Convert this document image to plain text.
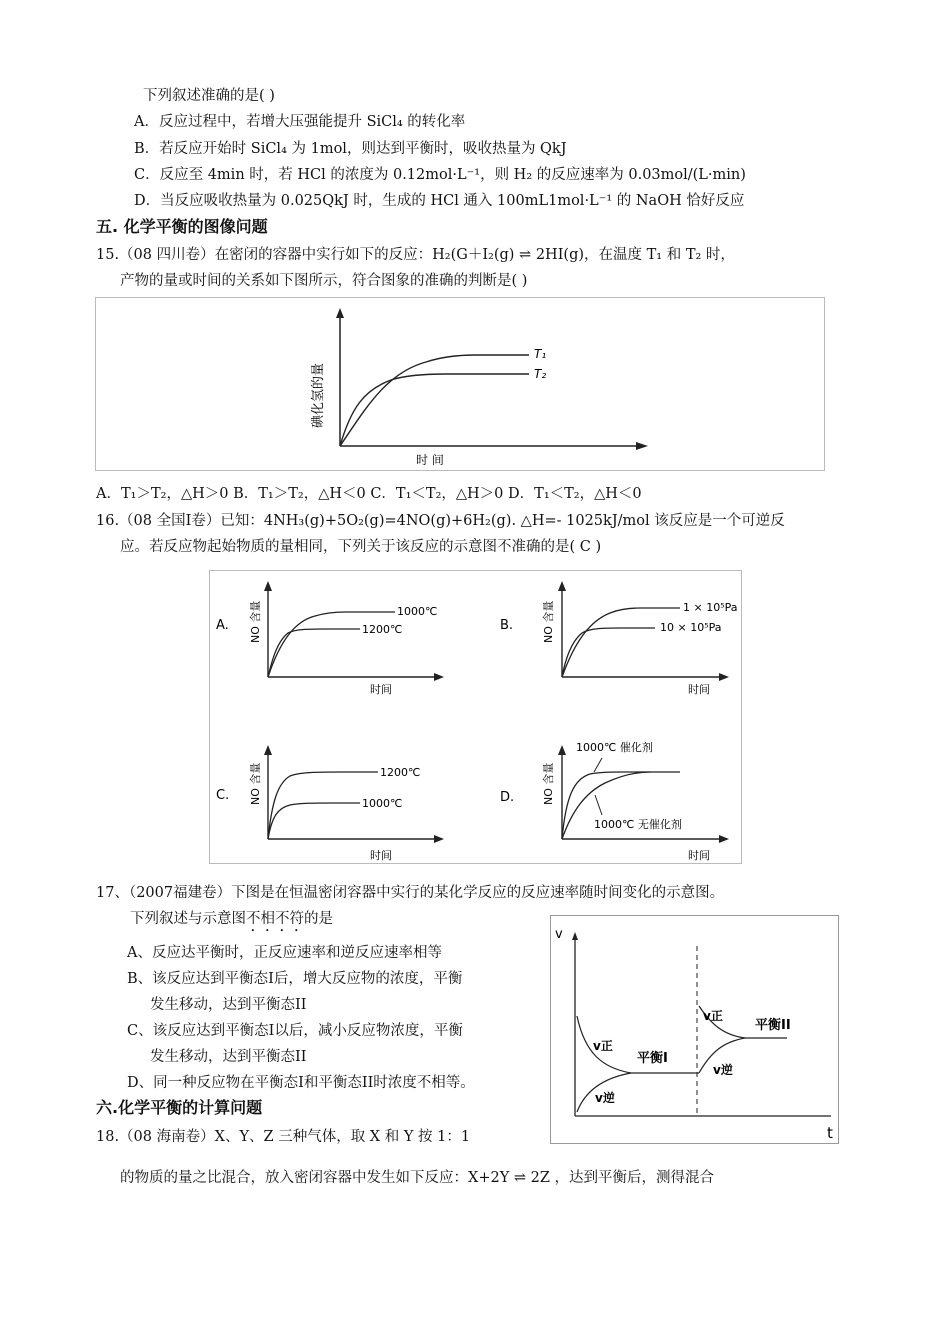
下列叙述准确的是( )
A．反应过程中，若增大压强能提升 SiCl₄ 的转化率
B．若反应开始时 SiCl₄ 为 1mol，则达到平衡时，吸收热量为 QkJ
C．反应至 4min 时，若 HCl 的浓度为 0.12mol·L⁻¹，则 H₂ 的反应速率为 0.03mol/(L·min)
D．当反应吸收热量为 0.025QkJ 时，生成的 HCl 通入 100mL1mol·L⁻¹ 的 NaOH 恰好反应
五. 化学平衡的图像问题
15.（08 四川卷）在密闭的容器中实行如下的反应：H₂(G＋I₂(g) ⇌ 2HI(g)，在温度 T₁ 和 T₂ 时，
产物的量或时间的关系如下图所示，符合图象的准确的判断是( )
T₁
T₂
碘化氢的量
时 间
A．T₁＞T₂，△H＞0 B．T₁＞T₂，△H＜0 C．T₁＜T₂，△H＞0 D．T₁＜T₂，△H＜0
16.（08 全国Ⅰ卷）已知：4NH₃(g)+5O₂(g)=4NO(g)+6H₂(g). △H=- 1025kJ/mol 该反应是一个可逆反
应。若反应物起始物质的量相同，下列关于该反应的示意图不准确的是( C )
A.
1000℃
1200℃
NO 含量
时间
B.
1 × 10⁵Pa
10 × 10⁵Pa
NO 含量
时间
C.
1200℃
1000℃
NO 含量
时间
D.
1000℃ 催化剂
1000℃ 无催化剂
NO 含量
时间
17、（2007福建卷）下图是在恒温密闭容器中实行的某化学反应的反应速率随时间变化的示意图。
下列叙述与示意图不相不符的是
A、反应达平衡时，正反应速率和逆反应速率相等
B、该反应达到平衡态I后，增大反应物的浓度，平衡
发生移动，达到平衡态II
C、该反应达到平衡态I以后，减小反应物浓度，平衡
发生移动，达到平衡态II
D、同一种反应物在平衡态I和平衡态II时浓度不相等。
v
t
v正
v逆
平衡I
v正
v逆
平衡II
六.化学平衡的计算问题
18.（08 海南卷）X、Y、Z 三种气体，取 X 和 Y 按 1：1
的物质的量之比混合，放入密闭容器中发生如下反应：X+2Y ⇌ 2Z ，达到平衡后，测得混合
